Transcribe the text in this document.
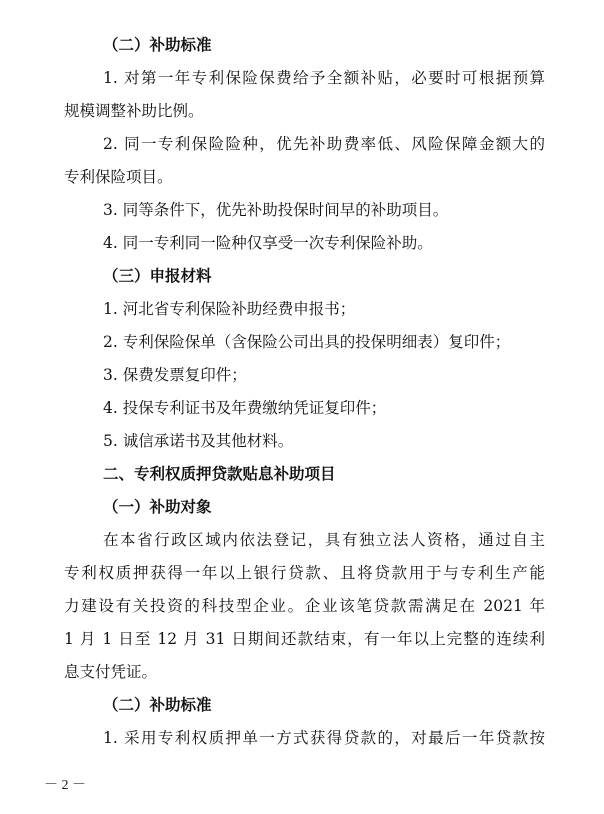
（二）补助标准
1. 对第一年专利保险保费给予全额补贴，必要时可根据预算
规模调整补助比例。
2. 同一专利保险险种，优先补助费率低、风险保障金额大的
专利保险项目。
3. 同等条件下，优先补助投保时间早的补助项目。
4. 同一专利同一险种仅享受一次专利保险补助。
（三）申报材料
1. 河北省专利保险补助经费申报书；
2. 专利保险保单（含保险公司出具的投保明细表）复印件；
3. 保费发票复印件；
4. 投保专利证书及年费缴纳凭证复印件；
5. 诚信承诺书及其他材料。
二、专利权质押贷款贴息补助项目
（一）补助对象
在本省行政区域内依法登记，具有独立法人资格，通过自主
专利权质押获得一年以上银行贷款、且将贷款用于与专利生产能
力建设有关投资的科技型企业。企业该笔贷款需满足在 2021 年
1 月 1 日至 12 月 31 日期间还款结束，有一年以上完整的连续利
息支付凭证。
（二）补助标准
1. 采用专利权质押单一方式获得贷款的，对最后一年贷款按
－ 2 －
